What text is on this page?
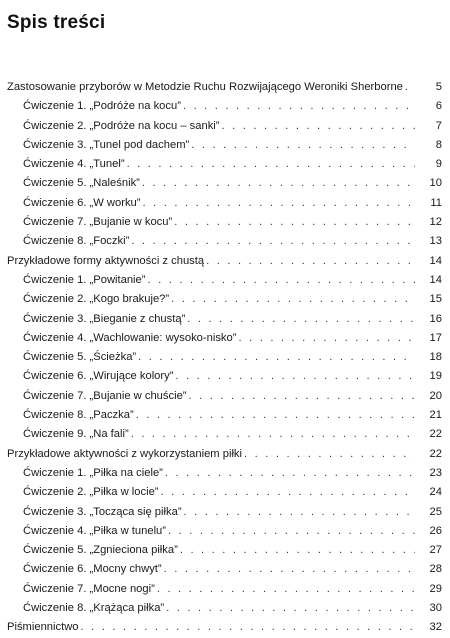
Spis treści
Zastosowanie przyborów w Metodzie Ruchu Rozwijającego Weroniki Sherborne . . .	5
Ćwiczenie 1. „Podróże na kocu” . . .	6
Ćwiczenie 2. „Podróże na kocu – sanki” . . .	7
Ćwiczenie 3. „Tunel pod dachem” . . .	8
Ćwiczenie 4. „Tunel” . . .	9
Ćwiczenie 5. „Naleśnik” . . .	10
Ćwiczenie 6. „W worku” . . .	11
Ćwiczenie 7. „Bujanie w kocu” . . .	12
Ćwiczenie 8. „Foczki” . . .	13
Przykładowe formy aktywności z chustą . . .	14
Ćwiczenie 1. „Powitanie” . . .	14
Ćwiczenie 2. „Kogo brakuje?” . . .	15
Ćwiczenie 3. „Bieganie z chustą” . . .	16
Ćwiczenie 4. „Wachlowanie: wysoko-nisko” . . .	17
Ćwiczenie 5. „Ścieżka” . . .	18
Ćwiczenie 6. „Wirujące kolory” . . .	19
Ćwiczenie 7. „Bujanie w chuście” . . .	20
Ćwiczenie 8. „Paczka” . . .	21
Ćwiczenie 9. „Na fali” . . .	22
Przykładowe aktywności z wykorzystaniem piłki . . .	22
Ćwiczenie 1. „Piłka na ciele” . . .	23
Ćwiczenie 2. „Piłka w locie” . . .	24
Ćwiczenie 3. „Tocząca się piłka” . . .	25
Ćwiczenie 4. „Piłka w tunelu” . . .	26
Ćwiczenie 5. „Zgnieciona piłka” . . .	27
Ćwiczenie 6. „Mocny chwyt” . . .	28
Ćwiczenie 7. „Mocne nogi” . . .	29
Ćwiczenie 8. „Krążąca piłka” . . .	30
Piśmiennictwo . . .	32
